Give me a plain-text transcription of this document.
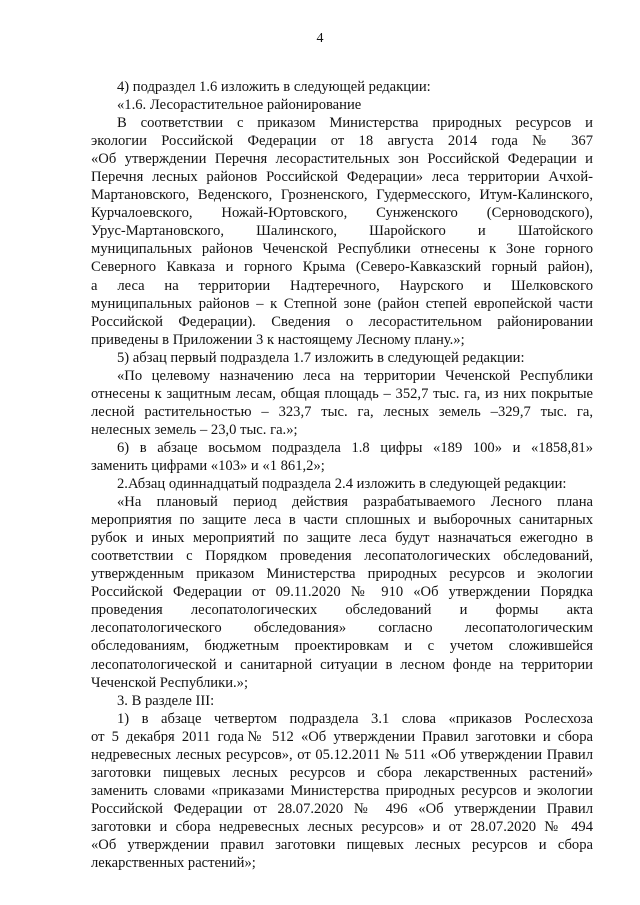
4

4) подраздел 1.6 изложить в следующей редакции:

«1.6. Лесорастительное районирование

В соответствии с приказом Министерства природных ресурсов и
экологии Российской Федерации от 18 августа 2014 года № 367
«Об утверждении Перечня лесорастительных зон Российской Федерации и
Перечня лесных районов Российской Федерации» леса территории Ачхой-
Мартановского, Веденского, Грозненского, Гудермесского, Итум-Калинского,
Курчалоевского, Ножай-Юртовского, Сунженского (Серноводского),
Урус-Мартановского, Шалинского, Шаройского и Шатойского
муниципальных районов Чеченской Республики отнесены к Зоне горного
Северного Кавказа и горного Крыма (Северо-Кавказский горный район),
а леса на территории Надтеречного, Наурского и Шелковского
муниципальных районов – к Степной зоне (район степей европейской части
Российской Федерации). Сведения о лесорастительном районировании
приведены в Приложении 3 к настоящему Лесному плану.»;

5) абзац первый подраздела 1.7 изложить в следующей редакции:

«По целевому назначению леса на территории Чеченской Республики
отнесены к защитным лесам, общая площадь – 352,7 тыс. га, из них покрытые
лесной растительностью – 323,7 тыс. га, лесных земель –329,7 тыс. га,
нелесных земель – 23,0 тыс. га.»;
6) в абзаце восьмом подраздела 1.8 цифры «189 100» и «1858,81»
заменить цифрами «103» и «1 861,2»;

2.Абзац одиннадцатый подраздела 2.4 изложить в следующей редакции:

«На плановый период действия разрабатываемого Лесного плана
мероприятия по защите леса в части сплошных и выборочных санитарных
рубок и иных мероприятий по защите леса будут назначаться ежегодно в
соответствии с Порядком проведения лесопатологических обследований,
утвержденным приказом Министерства природных ресурсов и экологии
Российской Федерации от 09.11.2020 № 910 «Об утверждении Порядка
проведения лесопатологических обследований и формы акта
лесопатологического обследования» согласно лесопатологическим
обследованиям, бюджетным проектировкам и с учетом сложившейся
лесопатологической и санитарной ситуации в лесном фонде на территории
Чеченской Республики.»;

3. В разделе III:

1) в абзаце четвертом подраздела 3.1 слова «приказов Рослесхоза
от 5 декабря 2011 года№ 512 «Об утверждении Правил заготовки и сбора
недревесных лесных ресурсов», от 05.12.2011 № 511 «Об утверждении Правил
заготовки пищевых лесных ресурсов и сбора лекарственных растений»
заменить словами «приказами Министерства природных ресурсов и экологии
Российской Федерации от 28.07.2020 № 496 «Об утверждении Правил
заготовки и сбора недревесных лесных ресурсов» и от 28.07.2020 № 494
«Об утверждении правил заготовки пищевых лесных ресурсов и сбора
лекарственных растений»;
